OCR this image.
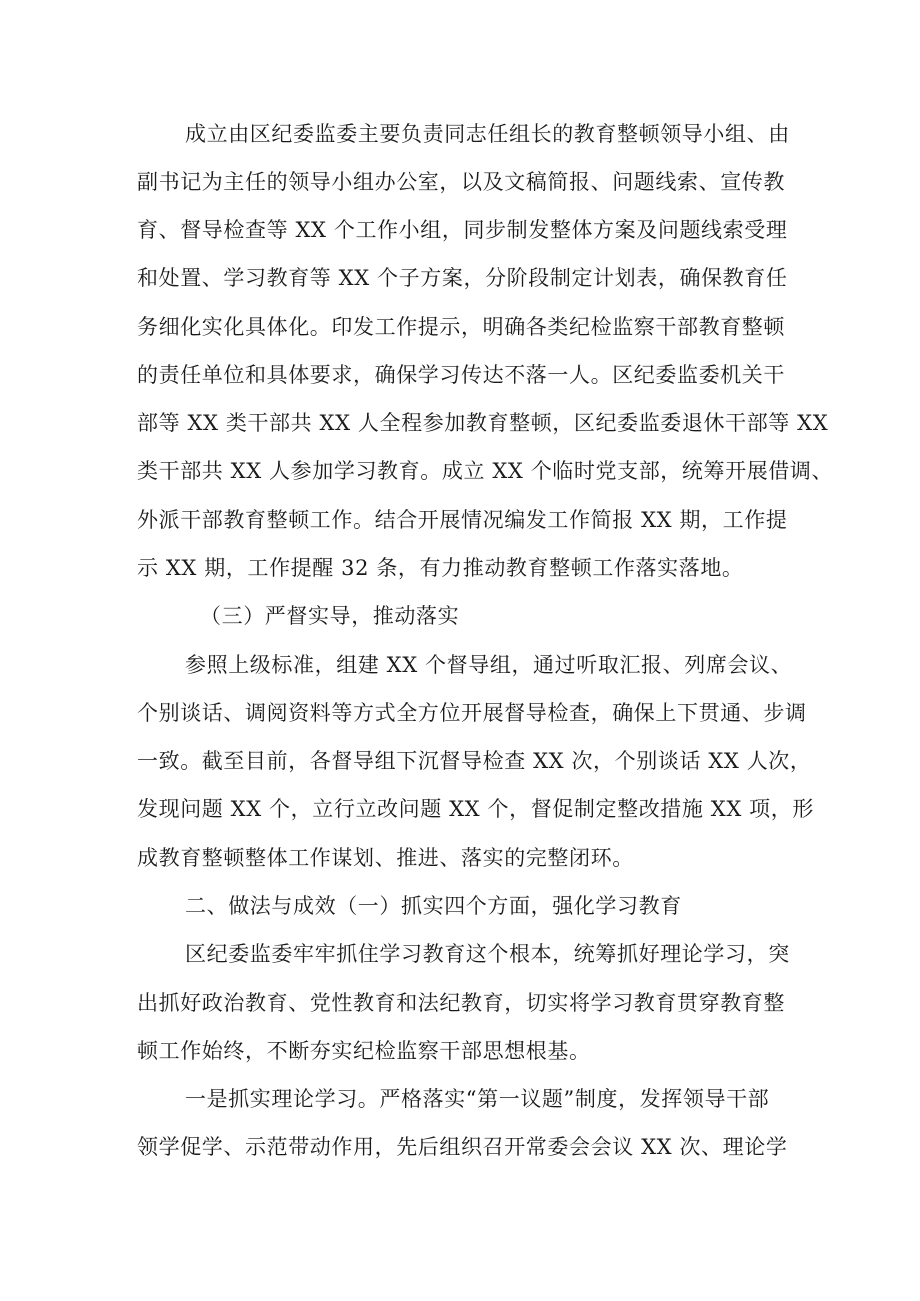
成立由区纪委监委主要负责同志任组长的教育整顿领导小组、由
副书记为主任的领导小组办公室，以及文稿简报、问题线索、宣传教
育、督导检查等 XX 个工作小组，同步制发整体方案及问题线索受理
和处置、学习教育等 XX 个子方案，分阶段制定计划表，确保教育任
务细化实化具体化。印发工作提示，明确各类纪检监察干部教育整顿
的责任单位和具体要求，确保学习传达不落一人。区纪委监委机关干
部等 XX 类干部共 XX 人全程参加教育整顿，区纪委监委退休干部等 XX
类干部共 XX 人参加学习教育。成立 XX 个临时党支部，统筹开展借调、
外派干部教育整顿工作。结合开展情况编发工作简报 XX 期，工作提
示 XX 期，工作提醒 32 条，有力推动教育整顿工作落实落地。
（三）严督实导，推动落实
参照上级标准，组建 XX 个督导组，通过听取汇报、列席会议、
个别谈话、调阅资料等方式全方位开展督导检查，确保上下贯通、步调
一致。截至目前，各督导组下沉督导检查 XX 次，个别谈话 XX 人次，
发现问题 XX 个，立行立改问题 XX 个，督促制定整改措施 XX 项，形
成教育整顿整体工作谋划、推进、落实的完整闭环。
二、做法与成效（一）抓实四个方面，强化学习教育
区纪委监委牢牢抓住学习教育这个根本，统筹抓好理论学习，突
出抓好政治教育、党性教育和法纪教育，切实将学习教育贯穿教育整
顿工作始终，不断夯实纪检监察干部思想根基。
一是抓实理论学习。严格落实“第一议题”制度，发挥领导干部
领学促学、示范带动作用，先后组织召开常委会会议 XX 次、理论学
